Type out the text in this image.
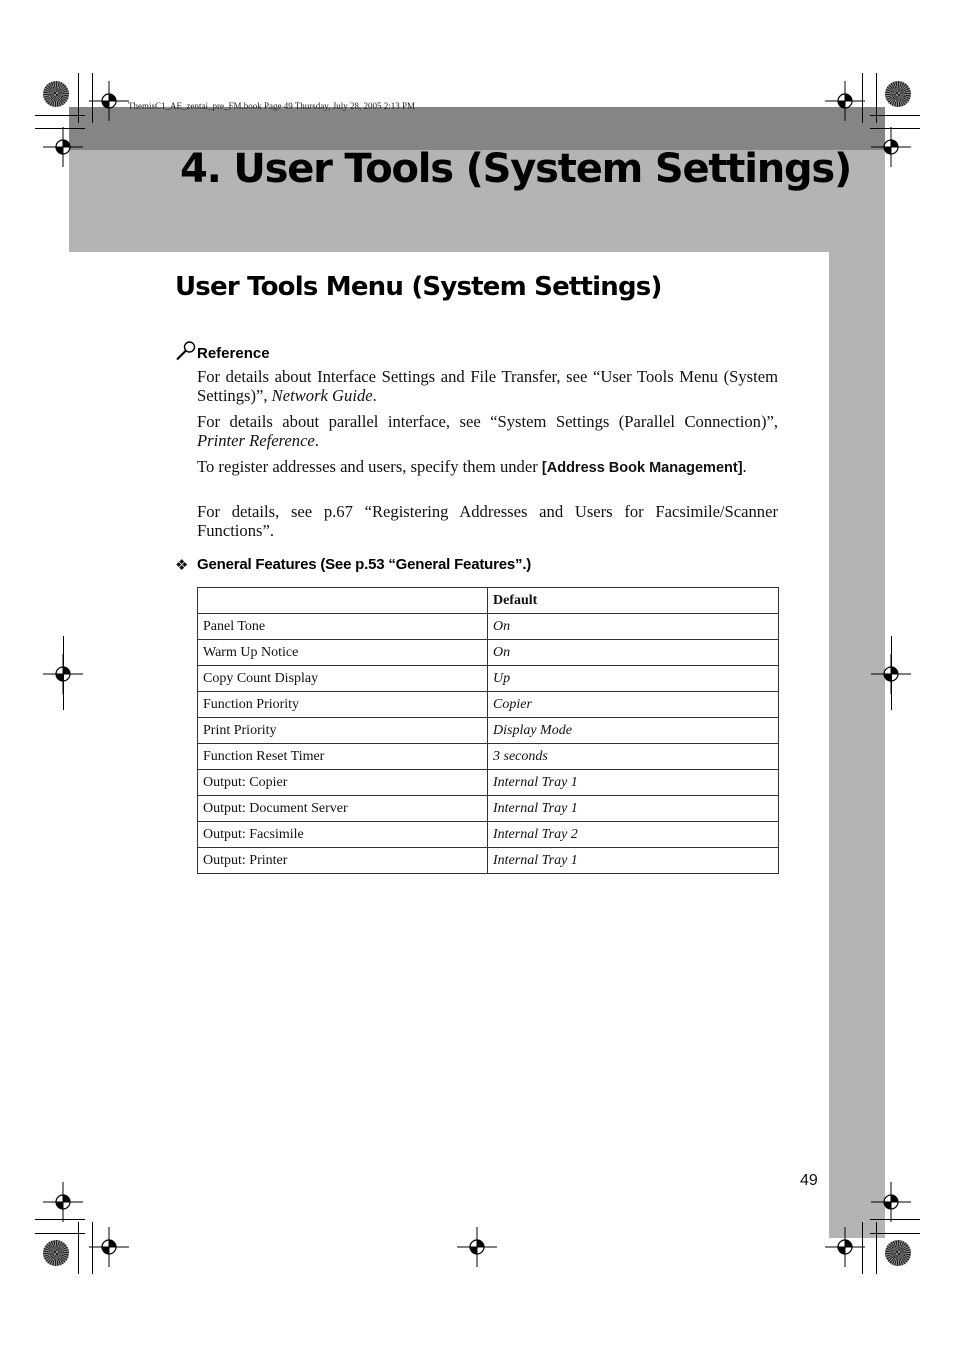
ThemisC1_AE_zentai_pre_FM.book Page 49 Thursday, July 28, 2005 2:13 PM
4. User Tools (System Settings)
User Tools Menu (System Settings)
Reference
For details about Interface Settings and File Transfer, see “User Tools Menu (System Settings)”, Network Guide.
For details about parallel interface, see “System Settings (Parallel Connection)”, Printer Reference.
To register addresses and users, specify them under [Address Book Management].
For details, see p.67 “Registering Addresses and Users for Facsimile/Scanner Functions”.
❖ General Features (See p.53 “General Features”.)
	Default
Panel Tone	On
Warm Up Notice	On
Copy Count Display	Up
Function Priority	Copier
Print Priority	Display Mode
Function Reset Timer	3 seconds
Output: Copier	Internal Tray 1
Output: Document Server	Internal Tray 1
Output: Facsimile	Internal Tray 2
Output: Printer	Internal Tray 1
49
